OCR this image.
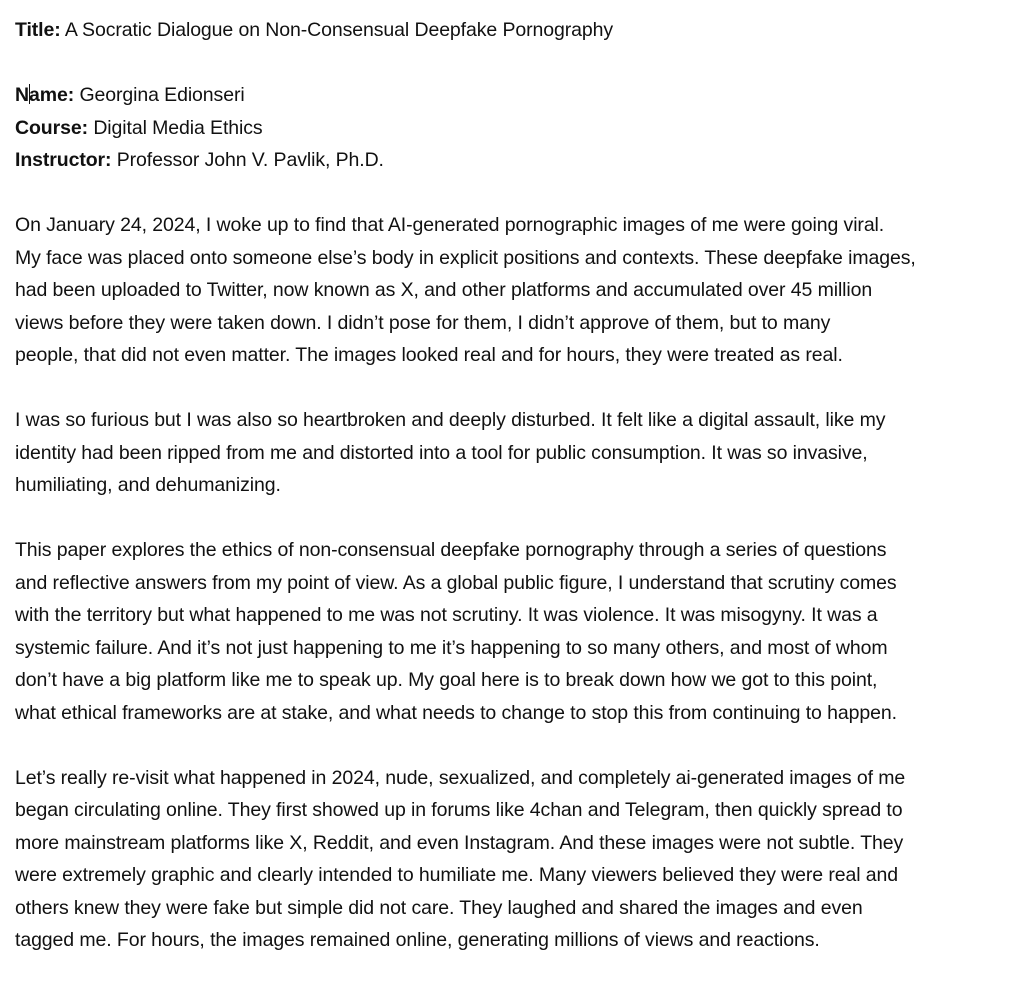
Title: A Socratic Dialogue on Non-Consensual Deepfake Pornography
Name: Georgina Edionseri
Course: Digital Media Ethics
Instructor: Professor John V. Pavlik, Ph.D.

On January 24, 2024, I woke up to find that AI-generated pornographic images of me were going viral.

My face was placed onto someone else’s body in explicit positions and contexts. These deepfake images,

had been uploaded to Twitter, now known as X, and other platforms and accumulated over 45 million

views before they were taken down. I didn’t pose for them, I didn’t approve of them, but to many

people, that did not even matter. The images looked real and for hours, they were treated as real.

I was so furious but I was also so heartbroken and deeply disturbed. It felt like a digital assault, like my

identity had been ripped from me and distorted into a tool for public consumption. It was so invasive,

humiliating, and dehumanizing.

This paper explores the ethics of non-consensual deepfake pornography through a series of questions

and reflective answers from my point of view. As a global public figure, I understand that scrutiny comes

with the territory but what happened to me was not scrutiny. It was violence. It was misogyny. It was a

systemic failure. And it’s not just happening to me it’s happening to so many others, and most of whom

don’t have a big platform like me to speak up. My goal here is to break down how we got to this point,

what ethical frameworks are at stake, and what needs to change to stop this from continuing to happen.

Let’s really re-visit what happened in 2024, nude, sexualized, and completely ai-generated images of me

began circulating online. They first showed up in forums like 4chan and Telegram, then quickly spread to

more mainstream platforms like X, Reddit, and even Instagram. And these images were not subtle. They

were extremely graphic and clearly intended to humiliate me. Many viewers believed they were real and

others knew they were fake but simple did not care. They laughed and shared the images and even

tagged me. For hours, the images remained online, generating millions of views and reactions.
